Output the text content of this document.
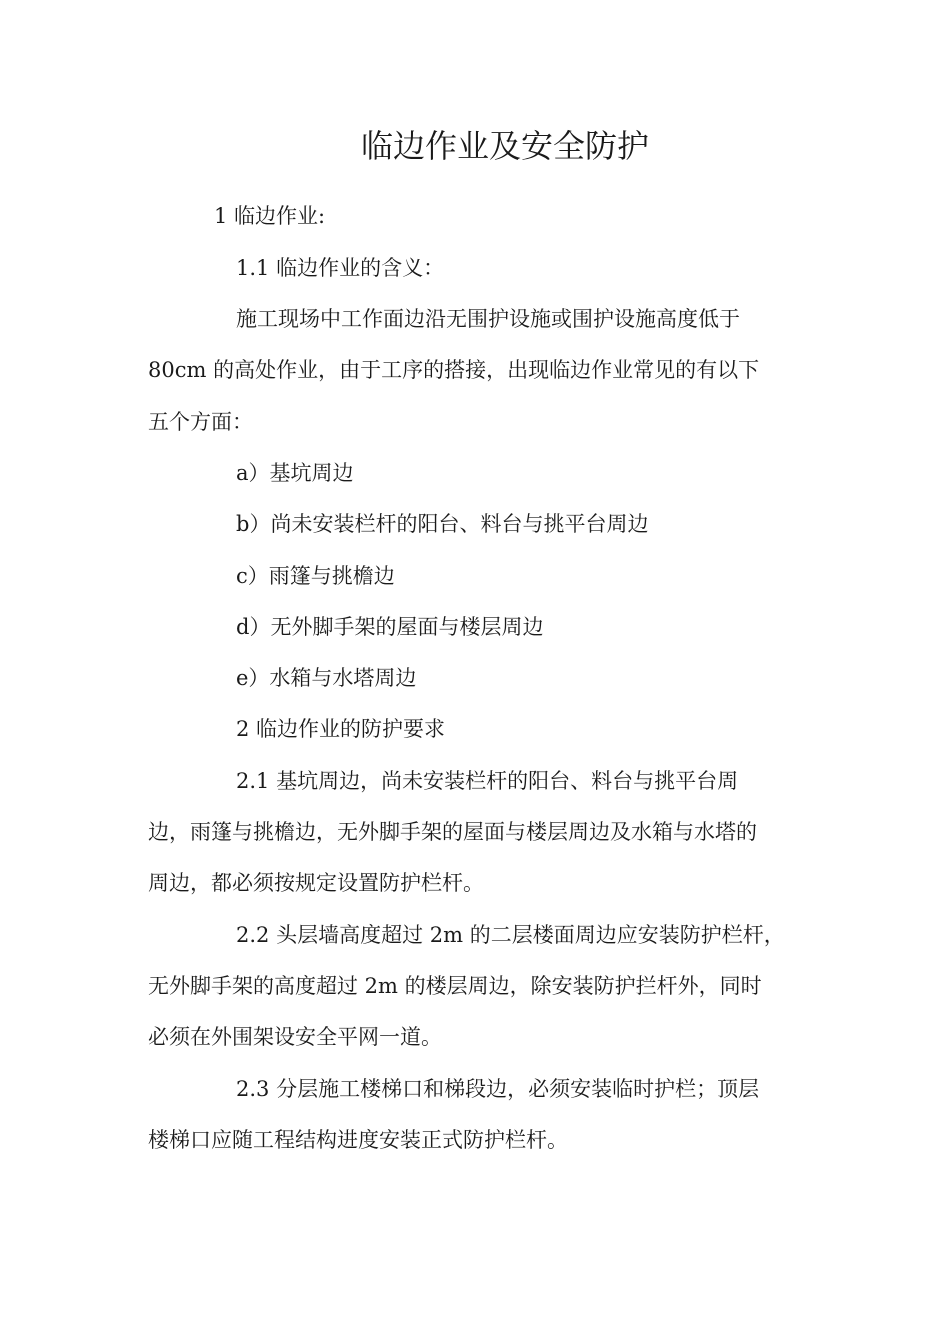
临边作业及安全防护
1 临边作业:
1.1 临边作业的含义：
施工现场中工作面边沿无围护设施或围护设施高度低于
80cm 的高处作业，由于工序的搭接，出现临边作业常见的有以下
五个方面：
a）基坑周边
b）尚未安装栏杆的阳台、料台与挑平台周边
c）雨篷与挑檐边
d）无外脚手架的屋面与楼层周边
e）水箱与水塔周边
2 临边作业的防护要求
2.1 基坑周边，尚未安装栏杆的阳台、料台与挑平台周
边，雨篷与挑檐边，无外脚手架的屋面与楼层周边及水箱与水塔的
周边，都必须按规定设置防护栏杆。
2.2 头层墙高度超过 2m 的二层楼面周边应安装防护栏杆，
无外脚手架的高度超过 2m 的楼层周边，除安装防护拦杆外，同时
必须在外围架设安全平网一道。
2.3 分层施工楼梯口和梯段边，必须安装临时护栏；顶层
楼梯口应随工程结构进度安装正式防护栏杆。
